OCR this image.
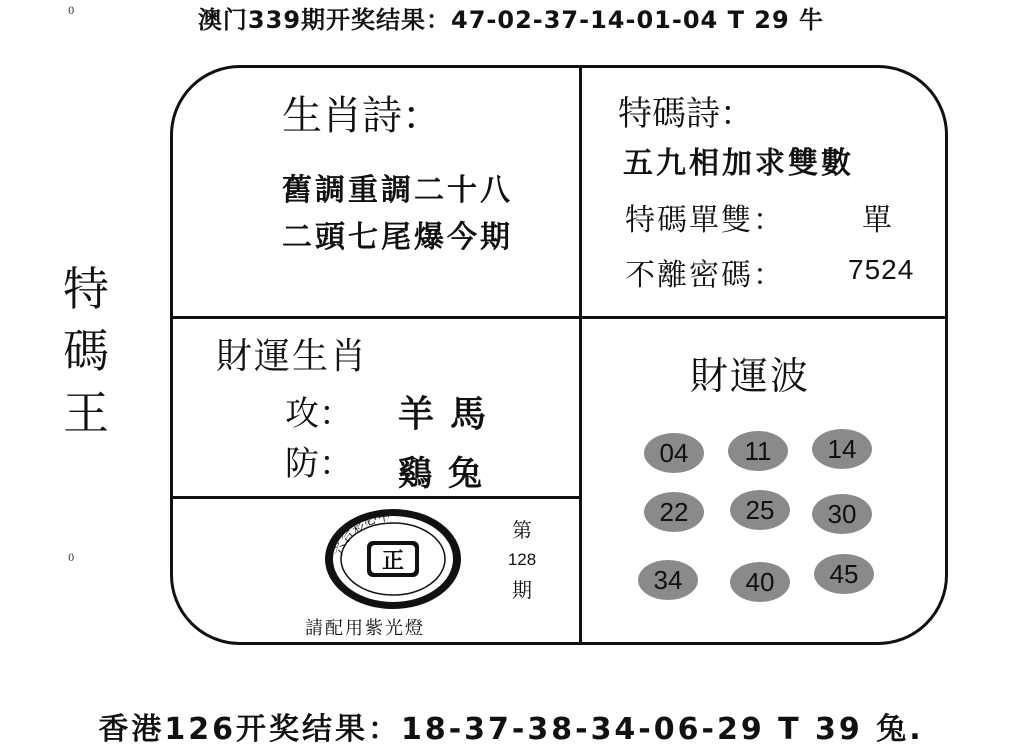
澳门339期开奖结果：47-02-37-14-01-04 T 29 牛
0
0
特
碼
王
生肖詩：
舊調重調二十八
二頭七尾爆今期
特碼詩：
五九相加求雙數
特碼單雙：	單
不離密碼： 7524
財運生肖
攻： 羊馬
防： 鷄兔
財運波
04	11	14
22	25	30
34	40	45
正
六合彩必中
請配用紫光燈
第
128
期
香港126开奖结果：18-37-38-34-06-29 T 39 兔.
